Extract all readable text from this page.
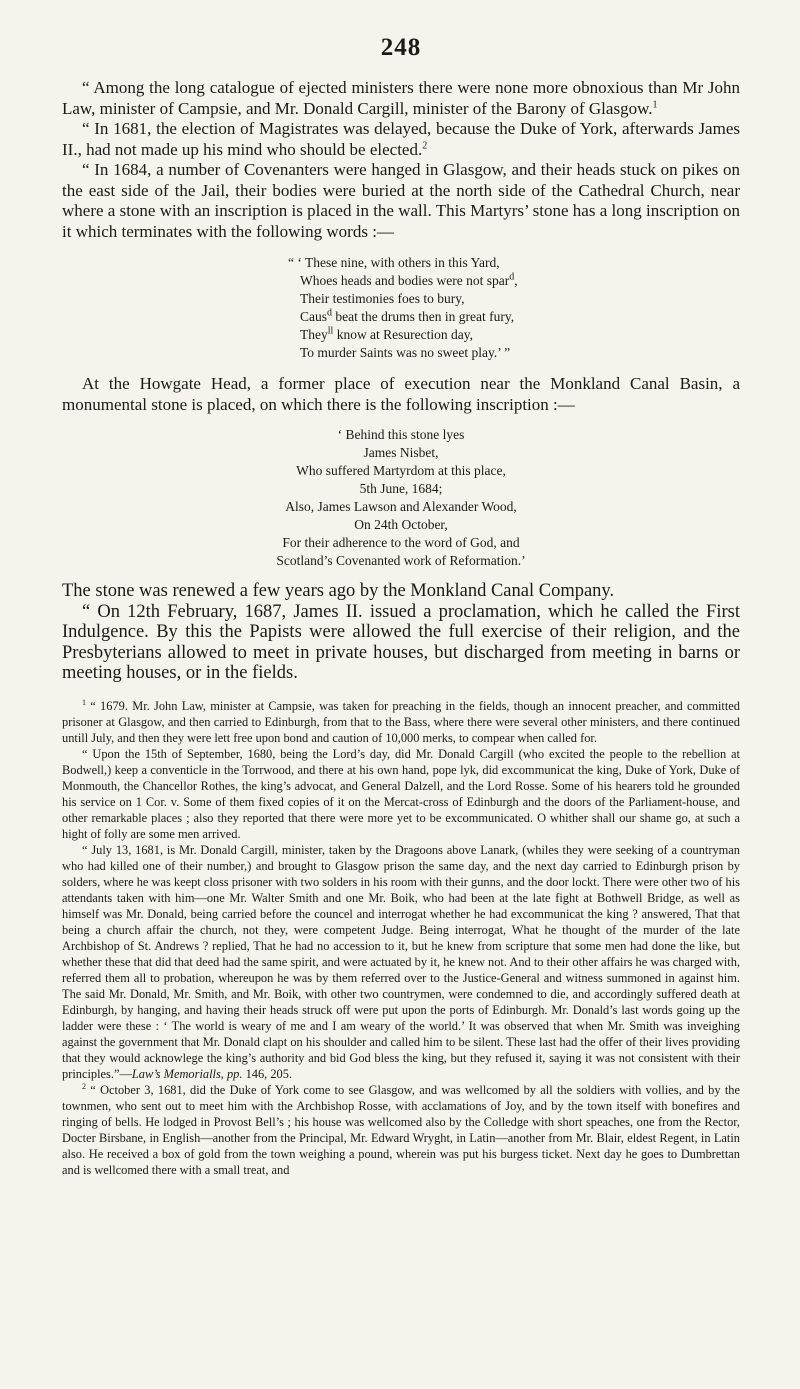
248

“ Among the long catalogue of ejected ministers there were none more obnoxious than Mr John Law, minister of Campsie, and Mr. Donald Cargill, minister of the Barony of Glasgow.$^1$

“ In 1681, the election of Magistrates was delayed, because the Duke of York, afterwards James II., had not made up his mind who should be elected.$^2$

“ In 1684, a number of Covenanters were hanged in Glasgow, and their heads stuck on pikes on the east side of the Jail, their bodies were buried at the north side of the Cathedral Church, near where a stone with an inscription is placed in the wall. This Martyrs’ stone has a long inscription on it which terminates with the following words :—

“ ‘ These nine, with others in this Yard,
Whoes heads and bodies were not spar$^d$,
Their testimonies foes to bury,
Caus$^d$ beat the drums then in great fury,
They$^{ll}$ know at Resurection day,
To murder Saints was no sweet play.’ ”

At the Howgate Head, a former place of execution near the Monkland Canal Basin, a monumental stone is placed, on which there is the following inscription :—

‘ Behind this stone lyes
James Nisbet,
Who suffered Martyrdom at this place,
5th June, 1684;
Also, James Lawson and Alexander Wood,
On 24th October,
For their adherence to the word of God, and
Scotland’s Covenanted work of Reformation.’

The stone was renewed a few years ago by the Monkland Canal Company.

“ On 12th February, 1687, James II. issued a proclamation, which he called the First Indulgence. By this the Papists were allowed the full exercise of their religion, and the Presbyterians allowed to meet in private houses, but discharged from meeting in barns or meeting houses, or in the fields.

$^1$ “ 1679. Mr. John Law, minister at Campsie, was taken for preaching in the fields, though an innocent preacher, and committed prisoner at Glasgow, and then carried to Edinburgh, from that to the Bass, where there were several other ministers, and there continued untill July, and then they were lett free upon bond and caution of 10,000 merks, to compear when called for.

“ Upon the 15th of September, 1680, being the Lord’s day, did Mr. Donald Cargill (who excited the people to the rebellion at Bodwell,) keep a conventicle in the Torrwood, and there at his own hand, pope lyk, did excommunicat the king, Duke of York, Duke of Monmouth, the Chancellor Rothes, the king’s advocat, and General Dalzell, and the Lord Rosse. Some of his hearers told he grounded his service on 1 Cor. v. Some of them fixed copies of it on the Mercat-cross of Edinburgh and the doors of the Parliament-house, and other remarkable places ; also they reported that there were more yet to be excommunicated. O whither shall our shame go, at such a hight of folly are some men arrived.

“ July 13, 1681, is Mr. Donald Cargill, minister, taken by the Dragoons above Lanark, (whiles they were seeking of a countryman who had killed one of their number,) and brought to Glasgow prison the same day, and the next day carried to Edinburgh prison by solders, where he was keept closs prisoner with two solders in his room with their gunns, and the door lockt. There were other two of his attendants taken with him—one Mr. Walter Smith and one Mr. Boik, who had been at the late fight at Bothwell Bridge, as well as himself was Mr. Donald, being carried before the councel and interrogat whether he had excommunicat the king ? answered, That that being a church affair the church, not they, were competent Judge. Being interrogat, What he thought of the murder of the late Archbishop of St. Andrews ? replied, That he had no accession to it, but he knew from scripture that some men had done the like, but whether these that did that deed had the same spirit, and were actuated by it, he knew not. And to their other affairs he was charged with, referred them all to probation, whereupon he was by them referred over to the Justice-General and witness summoned in against him. The said Mr. Donald, Mr. Smith, and Mr. Boik, with other two countrymen, were condemned to die, and accordingly suffered death at Edinburgh, by hanging, and having their heads struck off were put upon the ports of Edinburgh. Mr. Donald’s last words going up the ladder were these : ‘ The world is weary of me and I am weary of the world.’ It was observed that when Mr. Smith was inveighing against the government that Mr. Donald clapt on his shoulder and called him to be silent. These last had the offer of their lives providing that they would acknowlege the king’s authority and bid God bless the king, but they refused it, saying it was not consistent with their principles.”—Law’s Memorialls, pp. 146, 205.

$^2$ “ October 3, 1681, did the Duke of York come to see Glasgow, and was wellcomed by all the soldiers with vollies, and by the townmen, who sent out to meet him with the Archbishop Rosse, with acclamations of Joy, and by the town itself with bonefires and ringing of bells. He lodged in Provost Bell’s ; his house was wellcomed also by the Colledge with short speaches, one from the Rector, Docter Birsbane, in English—another from the Principal, Mr. Edward Wryght, in Latin—another from Mr. Blair, eldest Regent, in Latin also. He received a box of gold from the town weighing a pound, wherein was put his burgess ticket. Next day he goes to Dumbrettan and is wellcomed there with a small treat, and
